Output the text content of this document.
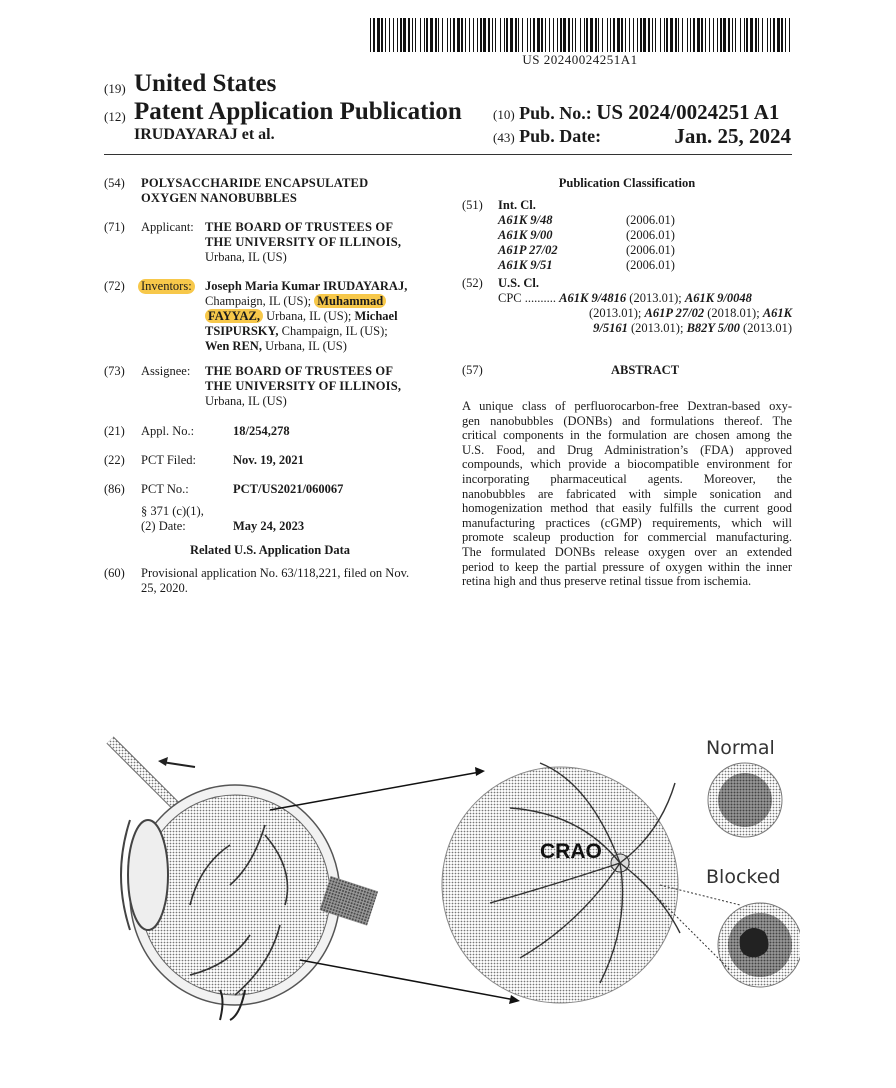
US 20240024251A1
(19) United States
(12) Patent Application Publication
IRUDAYARAJ et al.
(10) Pub. No.: US 2024/0024251 A1
(43) Pub. Date:	Jan. 25, 2024
(54) POLYSACCHARIDE ENCAPSULATED
OXYGEN NANOBUBBLES
(71) Applicant: THE BOARD OF TRUSTEES OF
THE UNIVERSITY OF ILLINOIS,
Urbana, IL (US)
(72) Inventors: Joseph Maria Kumar IRUDAYARAJ,
Champaign, IL (US); Muhammad
FAYYAZ, Urbana, IL (US); Michael
TSIPURSKY, Champaign, IL (US);
Wen REN, Urbana, IL (US)
(73) Assignee: THE BOARD OF TRUSTEES OF
THE UNIVERSITY OF ILLINOIS,
Urbana, IL (US)
(21) Appl. No.:	18/254,278
(22) PCT Filed:	Nov. 19, 2021
(86) PCT No.:	PCT/US2021/060067
§ 371 (c)(1),
(2) Date:	May 24, 2023
Related U.S. Application Data
(60) Provisional application No. 63/118,221, filed on Nov.
25, 2020.
Publication Classification
(51) Int. Cl.
A61K 9/48	(2006.01)
A61K 9/00	(2006.01)
A61P 27/02	(2006.01)
A61K 9/51	(2006.01)
(52) U.S. Cl.
CPC .......... A61K 9/4816 (2013.01); A61K 9/0048
(2013.01); A61P 27/02 (2018.01); A61K
9/5161 (2013.01); B82Y 5/00 (2013.01)
(57)	ABSTRACT
A unique class of perfluorocarbon-free Dextran-based oxy-
gen nanobubbles (DONBs) and formulations thereof. The
critical components in the formulation are chosen among the
U.S. Food, and Drug Administration’s (FDA) approved
compounds, which provide a biocompatible environment for
incorporating pharmaceutical agents. Moreover, the
nanobubbles are fabricated with simple sonication and
homogenization method that easily fulfills the current good
manufacturing practices (cGMP) requirements, which will
promote scaleup production for commercial manufacturing.
The formulated DONBs release oxygen over an extended
period to keep the partial pressure of oxygen within the inner
retina high and thus preserve retinal tissue from ischemia.
CRAO
Normal
Blocked
